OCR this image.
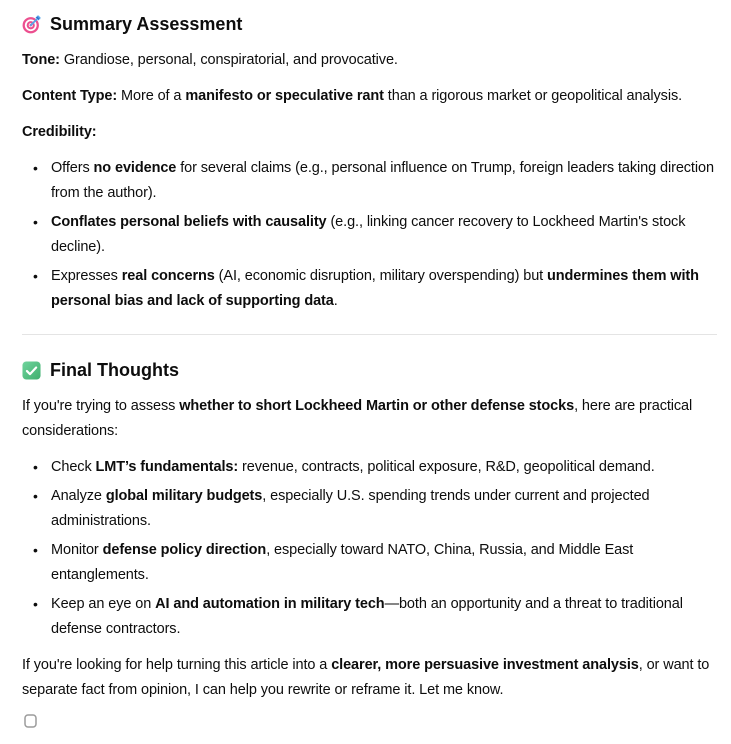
Summary Assessment

Tone: Grandiose, personal, conspiratorial, and provocative.

Content Type: More of a manifesto or speculative rant than a rigorous market or geopolitical analysis.

Credibility:

• Offers no evidence for several claims (e.g., personal influence on Trump, foreign leaders taking direction from the author).
• Conflates personal beliefs with causality (e.g., linking cancer recovery to Lockheed Martin's stock decline).
• Expresses real concerns (AI, economic disruption, military overspending) but undermines them with personal bias and lack of supporting data.
Final Thoughts

If you're trying to assess whether to short Lockheed Martin or other defense stocks, here are practical considerations:

• Check LMT’s fundamentals: revenue, contracts, political exposure, R&D, geopolitical demand.
• Analyze global military budgets, especially U.S. spending trends under current and projected administrations.
• Monitor defense policy direction, especially toward NATO, China, Russia, and Middle East entanglements.
• Keep an eye on AI and automation in military tech—both an opportunity and a threat to traditional defense contractors.

If you're looking for help turning this article into a clearer, more persuasive investment analysis, or want to separate fact from opinion, I can help you rewrite or reframe it. Let me know.
